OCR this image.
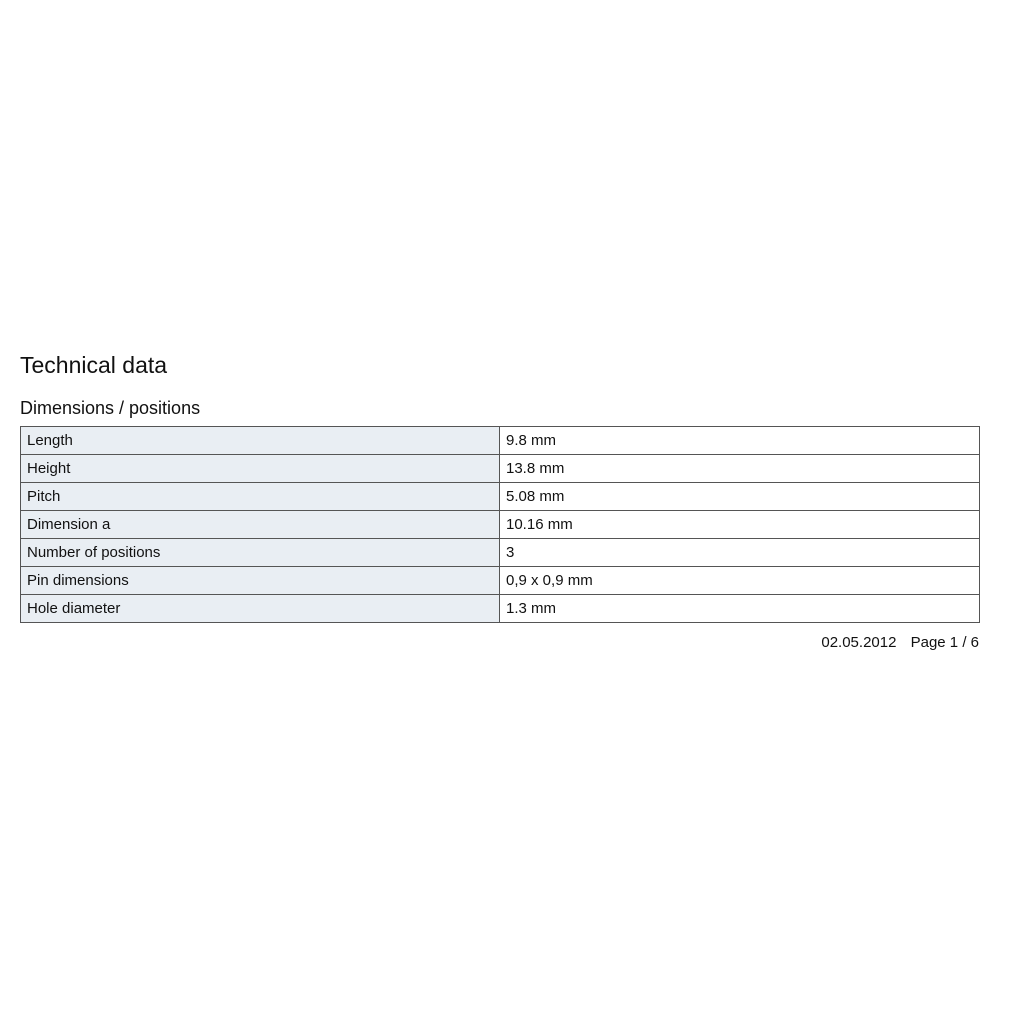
Technical data
Dimensions / positions
Length	9.8 mm
Height	13.8 mm
Pitch	5.08 mm
Dimension a	10.16 mm
Number of positions	3
Pin dimensions	0,9 x 0,9 mm
Hole diameter	1.3 mm
02.05.2012 Page 1 / 6
